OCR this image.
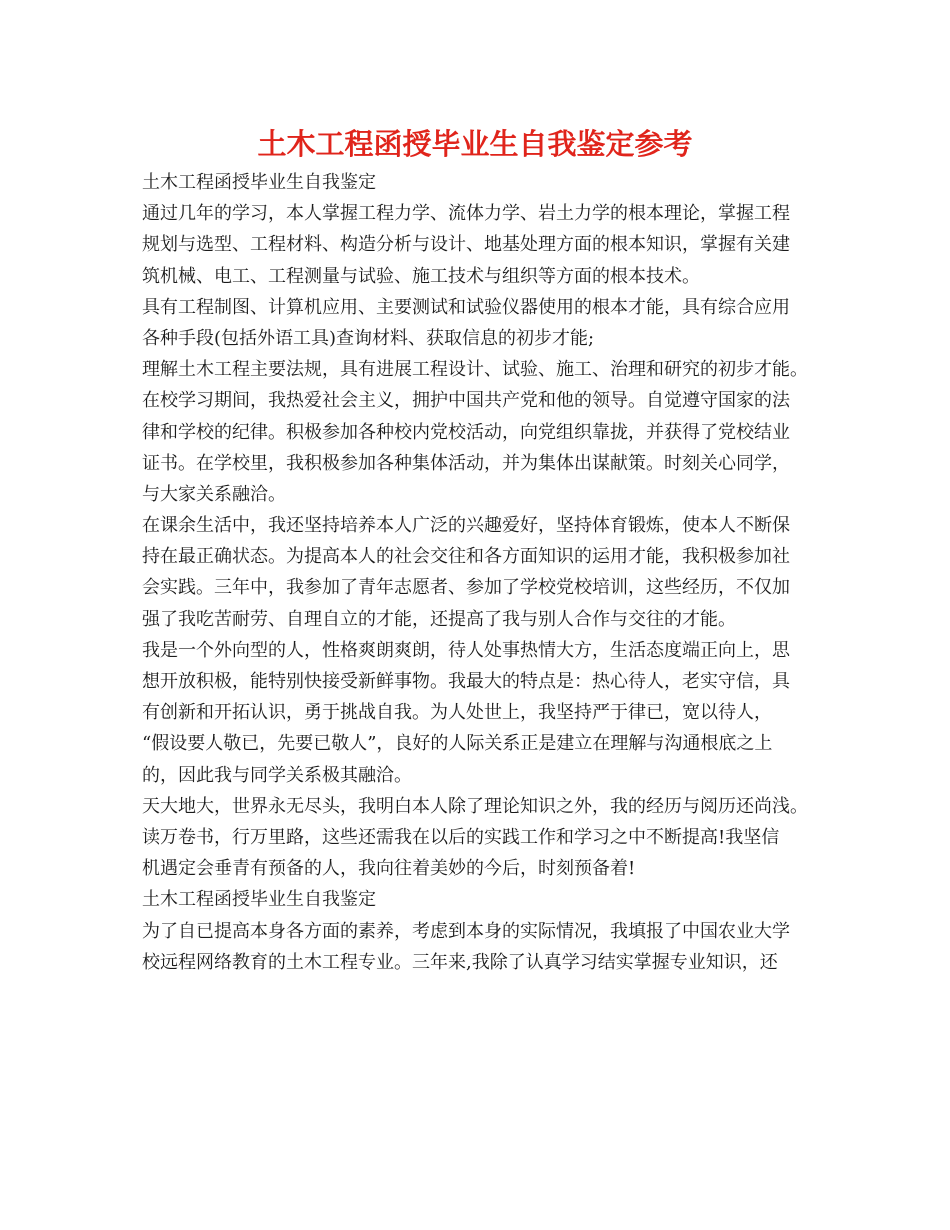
土木工程函授毕业生自我鉴定参考
土木工程函授毕业生自我鉴定
通过几年的学习，本人掌握工程力学、流体力学、岩土力学的根本理论，掌握工程
规划与选型、工程材料、构造分析与设计、地基处理方面的根本知识，掌握有关建
筑机械、电工、工程测量与试验、施工技术与组织等方面的根本技术。
具有工程制图、计算机应用、主要测试和试验仪器使用的根本才能，具有综合应用
各种手段(包括外语工具)查询材料、获取信息的初步才能;
理解土木工程主要法规，具有进展工程设计、试验、施工、治理和研究的初步才能。
在校学习期间，我热爱社会主义，拥护中国共产党和他的领导。自觉遵守国家的法
律和学校的纪律。积极参加各种校内党校活动，向党组织靠拢，并获得了党校结业
证书。在学校里，我积极参加各种集体活动，并为集体出谋献策。时刻关心同学，
与大家关系融洽。
在课余生活中，我还坚持培养本人广泛的兴趣爱好，坚持体育锻炼，使本人不断保
持在最正确状态。为提高本人的社会交往和各方面知识的运用才能，我积极参加社
会实践。三年中，我参加了青年志愿者、参加了学校党校培训，这些经历，不仅加
强了我吃苦耐劳、自理自立的才能，还提高了我与别人合作与交往的才能。
我是一个外向型的人，性格爽朗爽朗，待人处事热情大方，生活态度端正向上，思
想开放积极，能特别快接受新鲜事物。我最大的特点是：热心待人，老实守信，具
有创新和开拓认识，勇于挑战自我。为人处世上，我坚持严于律已，宽以待人，
“假设要人敬已，先要已敬人”，良好的人际关系正是建立在理解与沟通根底之上
的，因此我与同学关系极其融洽。
天大地大，世界永无尽头，我明白本人除了理论知识之外，我的经历与阅历还尚浅。
读万卷书，行万里路，这些还需我在以后的实践工作和学习之中不断提高!我坚信
机遇定会垂青有预备的人，我向往着美妙的今后，时刻预备着!
土木工程函授毕业生自我鉴定
为了自已提高本身各方面的素养，考虑到本身的实际情况，我填报了中国农业大学
校远程网络教育的土木工程专业。三年来,我除了认真学习结实掌握专业知识，还
